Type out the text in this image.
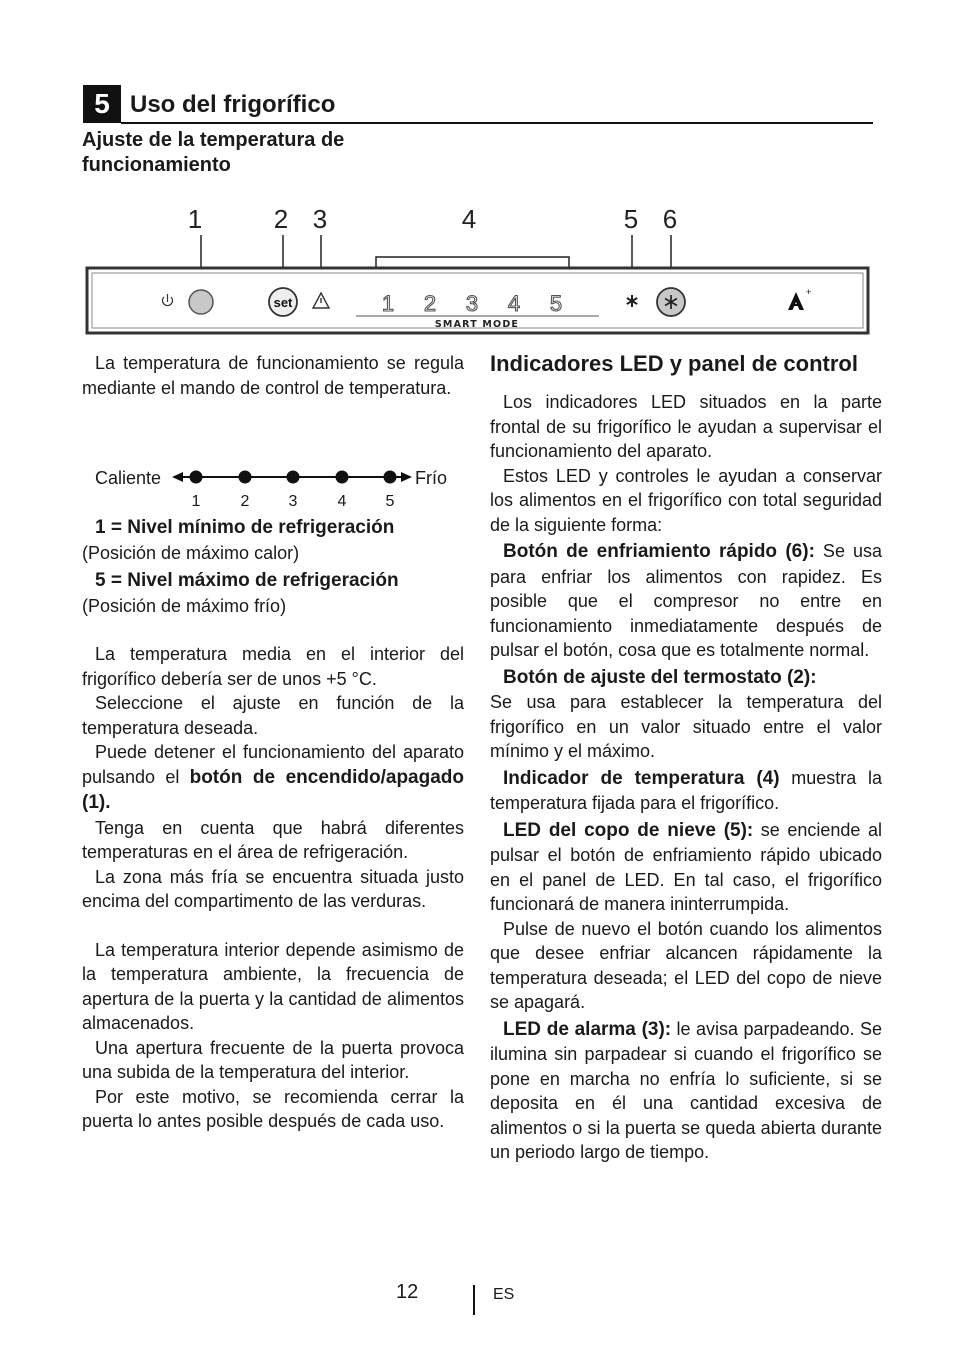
5 Uso del frigorífico
Ajuste de la temperatura de funcionamiento
1	2 3	4	5 6
set	1 2 3 4 5
SMART MODE
+

La temperatura de funcionamiento se regula mediante el mando de control de temperatura.

Caliente	Frío
1	2 3	4 5

1 = Nivel mínimo de refrigeración

(Posición de máximo calor)

5 = Nivel máximo de refrigeración

(Posición de máximo frío)

La temperatura media en el interior del frigorífico debería ser de unos +5 °C.

Seleccione el ajuste en función de la temperatura deseada.

Puede detener el funcionamiento del aparato pulsando el botón de encendido/apagado (1).

Tenga en cuenta que habrá diferentes temperaturas en el área de refrigeración.

La zona más fría se encuentra situada justo encima del compartimento de las verduras.

La temperatura interior depende asimismo de la temperatura ambiente, la frecuencia de apertura de la puerta y la cantidad de alimentos almacenados.

Una apertura frecuente de la puerta provoca una subida de la temperatura del interior.

Por este motivo, se recomienda cerrar la puerta lo antes posible después de cada uso.

Indicadores LED y panel de control

Los indicadores LED situados en la parte frontal de su frigorífico le ayudan a supervisar el funcionamiento del aparato.

Estos LED y controles le ayudan a conservar los alimentos en el frigorífico con total seguridad de la siguiente forma:

Botón de enfriamiento rápido (6): Se usa para enfriar los alimentos con rapidez. Es posible que el compresor no entre en funcionamiento inmediatamente después de pulsar el botón, cosa que es totalmente normal.

Botón de ajuste del termostato (2):

Se usa para establecer la temperatura del frigorífico en un valor situado entre el valor mínimo y el máximo.

Indicador de temperatura (4) muestra la temperatura fijada para el frigorífico.

LED del copo de nieve (5): se enciende al pulsar el botón de enfriamiento rápido ubicado en el panel de LED. En tal caso, el frigorífico funcionará de manera ininterrumpida.

Pulse de nuevo el botón cuando los alimentos que desee enfriar alcancen rápidamente la temperatura deseada; el LED del copo de nieve se apagará.

LED de alarma (3): le avisa parpadeando. Se ilumina sin parpadear si cuando el frigorífico se pone en marcha no enfría lo suficiente, si se deposita en él una cantidad excesiva de alimentos o si la puerta se queda abierta durante un periodo largo de tiempo.

12	ES
